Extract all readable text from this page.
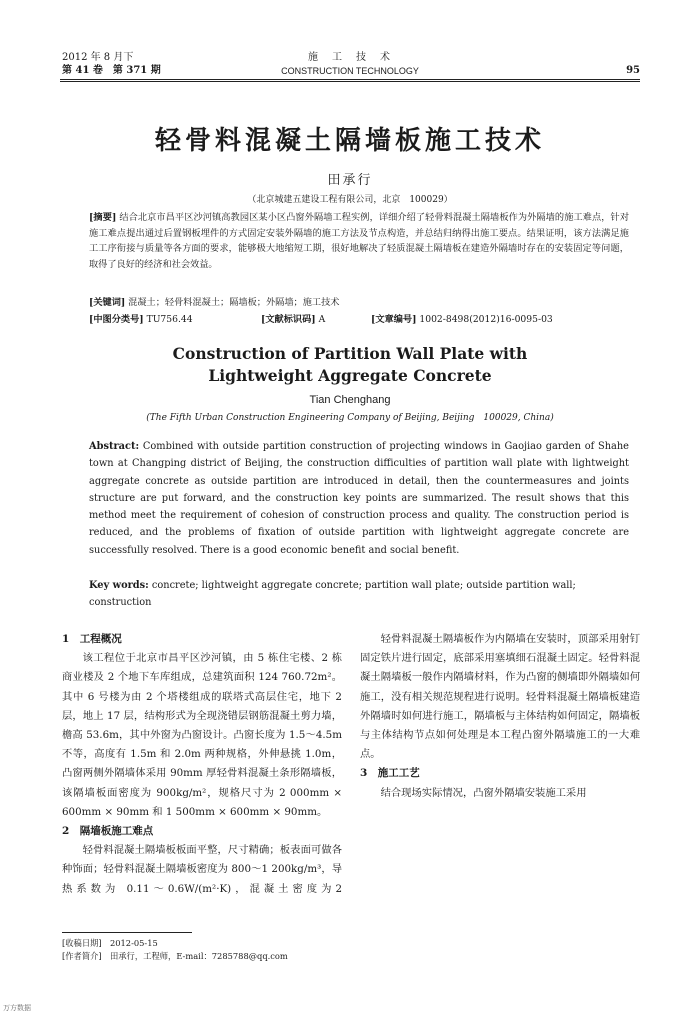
2012 年 8 月下
第 41 卷　第 371 期
施　工　技　术
CONSTRUCTION TECHNOLOGY	95
轻骨料混凝土隔墙板施工技术
田承行
（北京城建五建设工程有限公司，北京　100029）
[摘要] 结合北京市昌平区沙河镇高教园区某小区凸窗外隔墙工程实例，详细介绍了轻骨料混凝土隔墙板作为外隔墙的施工难点，针对施工难点提出通过后置钢板埋件的方式固定安装外隔墙的施工方法及节点构造，并总结归纳得出施工要点。结果证明，该方法满足施工工序衔接与质量等各方面的要求，能够极大地缩短工期，很好地解决了轻质混凝土隔墙板在建造外隔墙时存在的安装固定等问题，取得了良好的经济和社会效益。
[关键词] 混凝土；轻骨料混凝土；隔墙板；外隔墙；施工技术
[中图分类号] TU756.44	[文献标识码] A	[文章编号] 1002-8498(2012)16-0095-03
Construction of Partition Wall Plate with
Lightweight Aggregate Concrete
Tian Chenghang
(The Fifth Urban Construction Engineering Company of Beijing, Beijing　100029, China)
Abstract: Combined with outside partition construction of projecting windows in Gaojiao garden of Shahe town at Changping district of Beijing, the construction difficulties of partition wall plate with lightweight aggregate concrete as outside partition are introduced in detail, then the countermeasures and joints structure are put forward, and the construction key points are summarized. The result shows that this method meet the requirement of cohesion of construction process and quality. The construction period is reduced, and the problems of fixation of outside partition with lightweight aggregate concrete are successfully resolved. There is a good economic benefit and social benefit.
Key words: concrete; lightweight aggregate concrete; partition wall plate; outside partition wall; construction
1　工程概况

该工程位于北京市昌平区沙河镇，由 5 栋住宅楼、2 栋商业楼及 2 个地下车库组成，总建筑面积 124 760.72m²。其中 6 号楼为由 2 个塔楼组成的联塔式高层住宅，地下 2 层，地上 17 层，结构形式为全现浇错层钢筋混凝土剪力墙，檐高 53.6m，其中外窗为凸窗设计。凸窗长度为 1.5～4.5m 不等，高度有 1.5m 和 2.0m 两种规格，外伸悬挑 1.0m，凸窗两侧外隔墙体采用 90mm 厚轻骨料混凝土条形隔墙板，该隔墙板面密度为 900kg/m²，规格尺寸为 2 000mm × 600mm × 90mm 和 1 500mm × 600mm × 90mm。

2　隔墙板施工难点

轻骨料混凝土隔墙板板面平整，尺寸精确；板表面可做各种饰面；轻骨料混凝土隔墙板密度为 800～1 200kg/m³，导热系数为 0.11～0.6W/(m²·K)，混凝土密度为2

轻骨料混凝土隔墙板作为内隔墙在安装时，顶部采用射钉固定铁片进行固定，底部采用塞填细石混凝土固定。轻骨料混凝土隔墙板一般作内隔墙材料，作为凸窗的侧墙即外隔墙如何施工，没有相关规范规程进行说明。轻骨料混凝土隔墙板建造外隔墙时如何进行施工，隔墙板与主体结构如何固定，隔墙板与主体结构节点如何处理是本工程凸窗外隔墙施工的一大难点。

3　施工工艺

结合现场实际情况，凸窗外隔墙安装施工采用

[收稿日期]　2012-05-15
[作者简介]　田承行，工程师，E-mail：7285788@qq.com
万方数据
